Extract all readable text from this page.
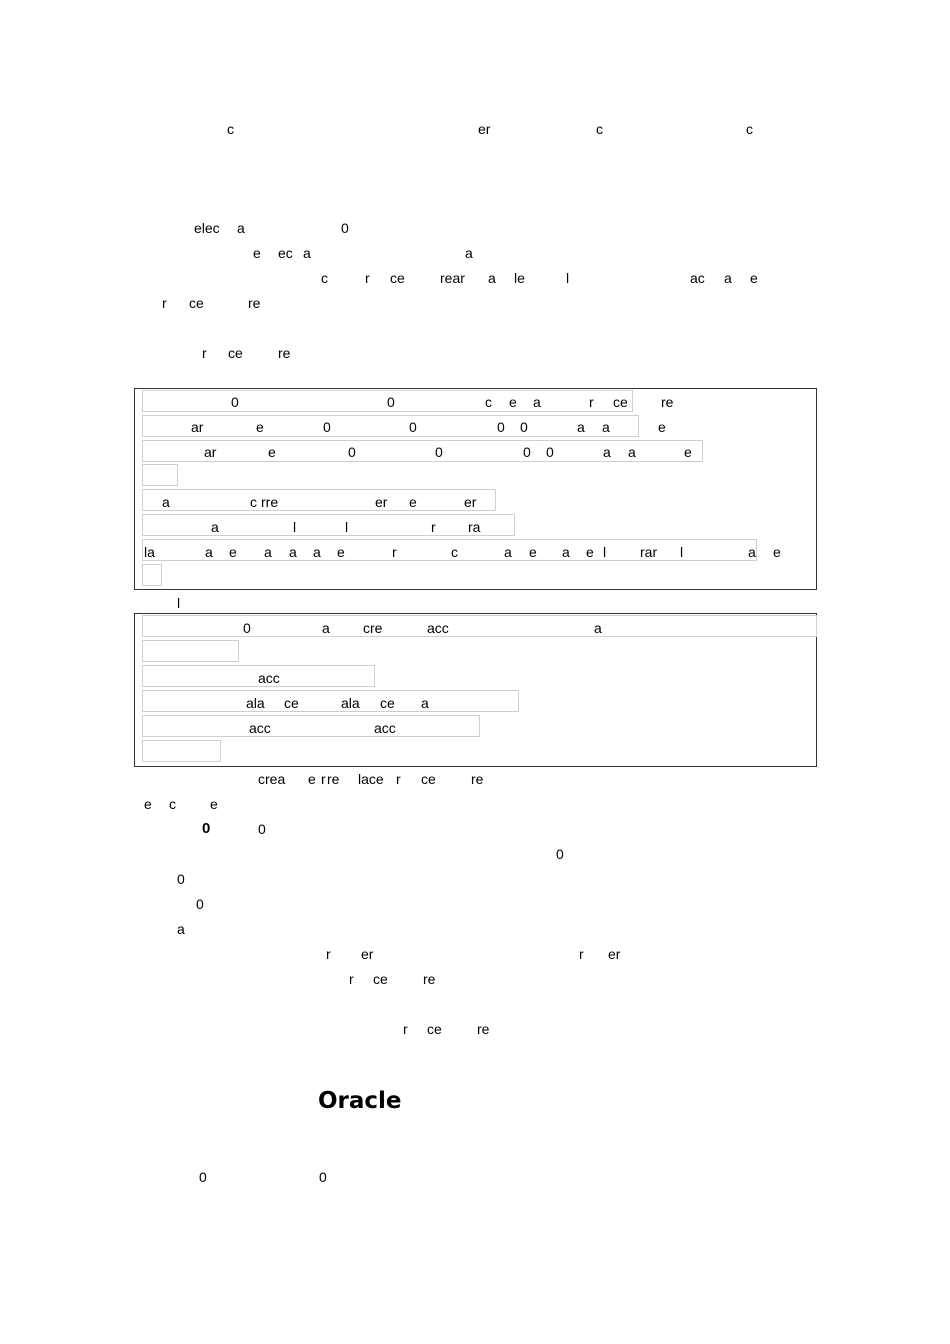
c	er	c	c
elec a	0
e ec a	a
c	r ce	rear a le	l	ac a e
r ce	re
r ce	re
0	0	c e a	r ce re
ar	e	0	0	0 0	a a	e
ar	e	0	0	0 0	a a	e
a	c rre	er e	er
a	l	l	r ra
la	a e a a a e	r	c	a e a e l rar l	a e
l
0	a cre	acc	a
acc
ala ce	ala ce a
acc	acc
crea e r re lace r ce	re
e c e
0	0
0
0
0
a
r er	r er
r ce	re
r ce	re
Oracle
0	0
